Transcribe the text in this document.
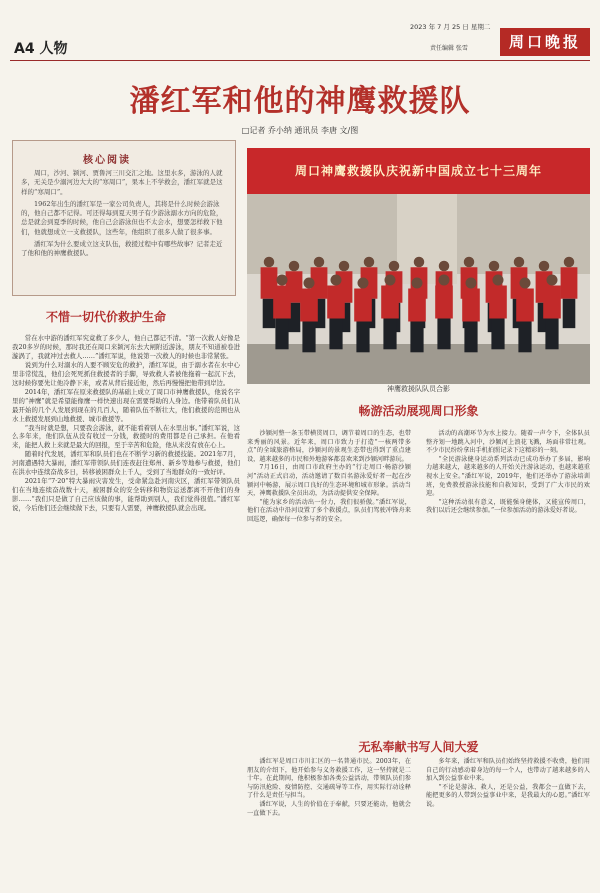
A4 人物
2023 年 7 月 25 日 星期二
责任编辑 张雪	周口晚报
潘红军和他的神鹰救援队
□记者 乔小纳 通讯员 李唐 文/图
核心阅读

周口，沙河、颍河、贾鲁河三川交汇之地。这里水多，游泳的人就多，无关是少溺河边大大的“寒周口”，果本上不学救会，潘红军就是这样的“寒周口”。

1962年出生的潘红军是一家公司负责人，其将是什么时候会游泳的，他自己都不记得。可还得每到夏天男子有少游泳溺水方向的危险，总是就会到夏季的时候，他自己会游泳但也不太会水，想要怎样救下他们，他就想成立一支救援队，这些年，他组织了很多人做了很多事。

潘红军为什么要成立这支队伍，救援过程中有哪些故事？记者走近了他和他的神鹰救援队。

不惜一切代价救护生命

常在水中游的潘红军究竟救了多少人，他自己都记不清。“第一次救人好像是我20多岁的时候，那时我还在周口来颍河东去大闸附近游泳，朋友不知道被卷进漩涡了，我就冲过去救人……”潘红军说，他说第一次救人的时候也非常紧张。

说到为什么对溺水的人要不顾安危的救护，潘红军说，由于溺水者在水中心里非常慌乱，他们会死死抓住救援者的手脚，导致救人者被他拖着一起沉下去，这时候你要先让他冷静下来，或者从背后接近他，然后再慢慢把他带到岸边。

2014年，潘红军在原来救援队的基础上成立了周口市神鹰救援队，他说名字里的“神鹰”就是希望能像鹰一样快速出现在需要帮助的人身边。他带着队员们从最开始的几个人发展到现在的几百人，随着队伍不断壮大，他们救援的范围也从水上救援发展到山地救援、城市救援等。

“我当时就是想，只要我会游泳，就不能看着别人在水里出事。”潘红军说，这么多年来，他们队伍从没有收过一分钱，救援时的费用都是自己承担。在他看来，能把人救上来就是最大的回报，至于辛苦和危险，他从来没有放在心上。

随着时代发展，潘红军和队员们也在不断学习新的救援技能。2021年7月，河南遭遇特大暴雨，潘红军带领队员们连夜赶往郑州、新乡等地参与救援，他们在洪水中连续奋战多日，转移被困群众上千人，受到了当地群众的一致好评。

2021年“7·20”特大暴雨灾害发生，受命紧急赴河南灾区，潘红军带领队员们在当地连续奋战数十天，被困群众的安全转移和物资运送都离不开他们的身影……“我们只是做了自己应该做的事，能帮助到别人，我们觉得很值。”潘红军说，今后他们还会继续做下去，只要有人需要，神鹰救援队就会出现。

周口神鹰救援队庆祝新中国成立七十三周年
神鹰救援队队员合影
畅游活动展现周口形象

沙颍河整一条玉带横贯周口，调节着周口的生态，也带来秀丽的风景。近年来，周口市致力于打造“一核两带多点”的全域旅游格局，沙颍河的景观生态带也得到了重点建设，越来越多的市民和外地游客都喜欢来到沙颍河畔游玩。

7月16日，由周口市政府主办的“行走周口·畅游沙颍河”活动正式启动，活动邀请了数百名游泳爱好者一起在沙颍河中畅游，展示周口良好的生态环境和城市形象。活动当天，神鹰救援队全员出动，为活动提供安全保障。

“能为家乡的活动出一份力，我们很骄傲。”潘红军说，他们在活动中沿河设置了多个救援点，队员们驾驶冲锋舟来回巡逻，确保每一位参与者的安全。

活动的高潮环节为水上接力。随着一声令下，全体队员整齐划一地跳入河中，沙颍河上浪花飞溅，场面非常壮观。不少市民纷纷拿出手机拍照记录下这精彩的一刻。

“全民游泳健身运动系列活动已成功举办了多届，影响力越来越大，越来越多的人开始关注游泳运动，也越来越重视水上安全。”潘红军说，2019年，他们还举办了游泳培训班，免费教授游泳技能和自救知识，受到了广大市民的欢迎。

“这种活动很有意义，既能强身健体，又能宣传周口，我们以后还会继续参加。”一位参加活动的游泳爱好者说。

无私奉献书写人间大爱

潘红军是周口市川汇区的一名普通市民。2003年，在朋友的介绍下，他开始参与义务救援工作，这一坚持就是二十年。在此期间，他积极参加各类公益活动，带领队员们参与防汛抢险、疫情防控、交通疏导等工作，用实际行动诠释了什么是责任与担当。

潘红军说，人生的价值在于奉献，只要还能动，他就会一直做下去。

多年来，潘红军和队员们始终坚持救援不收费，他们用自己的行动感动着身边的每一个人，也带动了越来越多的人加入到公益事业中来。

“不论是游泳、救人，还是公益，我都会一直做下去，能把更多的人带到公益事业中来，是我最大的心愿。”潘红军说。
